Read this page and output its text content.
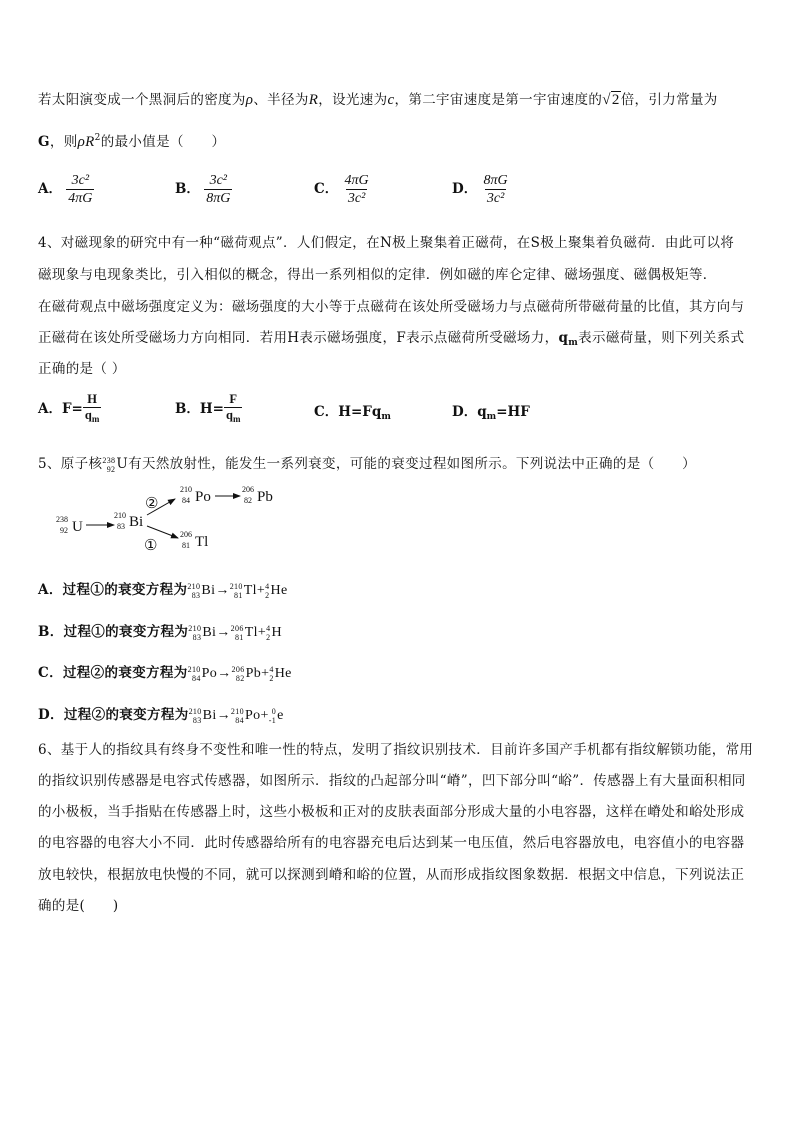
若太阳演变成一个黑洞后的密度为ρ、半径为R，设光速为c，第二宇宙速度是第一宇宙速度的√2倍，引力常量为
G，则$\rho R^2$的最小值是（　　）
A． $\frac{\text{3c²}}{4\pi G}$	B． $\frac{\text{3c²}}{8\pi G}$	C． $\frac{4\pi G}{\text{3c²}}$	D． $\frac{8\pi G}{\text{3c²}}$
4、对磁现象的研究中有一种“磁荷观点”．人们假定，在N极上聚集着正磁荷，在S极上聚集着负磁荷．由此可以将
磁现象与电现象类比，引入相似的概念，得出一系列相似的定律．例如磁的库仑定律、磁场强度、磁偶极矩等．
在磁荷观点中磁场强度定义为：磁场强度的大小等于点磁荷在该处所受磁场力与点磁荷所带磁荷量的比值，其方向与
正磁荷在该处所受磁场力方向相同．若用H表示磁场强度，F表示点磁荷所受磁场力，$q_m$表示磁荷量，则下列关系式
正确的是（ ）
A．$F= \frac{H}{q_m}$	B．$H= \frac{F}{q_m}$	C．$H=Fq_m$	D．$q_m=HF$
5、原子核 238
92 U有天然放射性，能发生一系列衰变，可能的衰变过程如图所示。下列说法中正确的是（　　）
238
92 U
210
83 Bi
②
①
210
84 Po	206
82 Pb
206
81 Tl
A．过程①的衰变方程为 210
83 Bi → 210
81 Tl + 4
2 He
B．过程①的衰变方程为 210
83 Bi → 206
81 Tl + 4
2 H
C．过程②的衰变方程为 210
84 Po → 206
82 Pb + 4
2 He
D．过程②的衰变方程为 210
83 Bi → 210
84 Po + 0
-1 e
6、基于人的指纹具有终身不变性和唯一性的特点，发明了指纹识别技术．目前许多国产手机都有指纹解锁功能，常用
的指纹识别传感器是电容式传感器，如图所示．指纹的凸起部分叫“嵴”，凹下部分叫“峪”．传感器上有大量面积相同
的小极板，当手指贴在传感器上时，这些小极板和正对的皮肤表面部分形成大量的小电容器，这样在嵴处和峪处形成
的电容器的电容大小不同．此时传感器给所有的电容器充电后达到某一电压值，然后电容器放电，电容值小的电容器
放电较快，根据放电快慢的不同，就可以探测到嵴和峪的位置，从而形成指纹图象数据．根据文中信息，下列说法正
确的是(　　)
